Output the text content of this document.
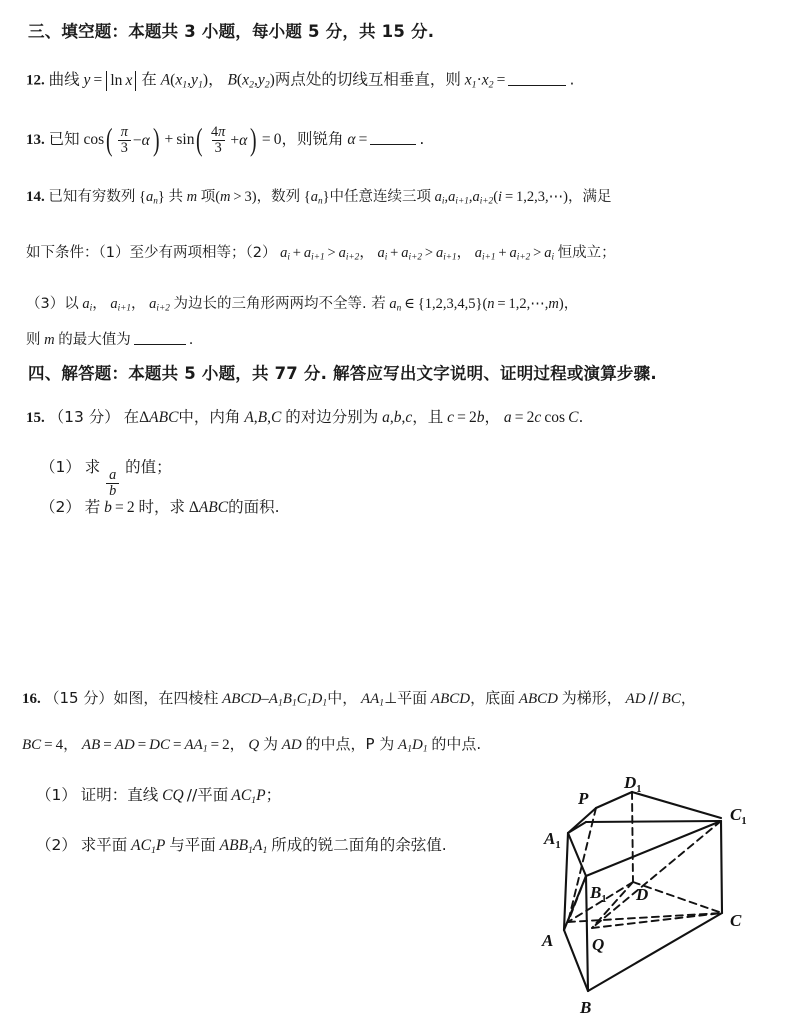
三、填空题：本题共 3 小题，每小题 5 分，共 15 分.
12. 曲线 y = ln  x 在 $A(x_1,y_1)$， $B(x_2,y_2)$两点处的切线互相垂直，则 $x_1\cdot x_2$ =	.
13. 已知 cos ( $\frac{\pi}{3} - \alpha$ )  + sin ( $\frac{4\pi}{3} + \alpha$ )  = 0，则锐角 α =	.
14. 已知有穷数列 $\{a_n\}$ 共 m 项(m > 3)，数列 $\{a_n\}$中任意连续三项 $a_i,a_{i+1},a_{i+2}(i$ = 1,2,3,⋯)，满足
如下条件：（1）至少有两项相等；（2） $a_i + a_{i+1} > a_{i+2}$， $a_i + a_{i+2} > a_{i+1}$， $a_{i+1} + a_{i+2} > a_i$ 恒成立；
（3）以 $a_i$， $a_{i+1}$， $a_{i+2}$ 为边长的三角形两两均不全等. 若 $a_n$ ∈ {1,2,3,4,5}(n = 1,2,⋯,m)，
则 m 的最大值为	.
四、解答题：本题共 5 小题，共 77 分. 解答应写出文字说明、证明过程或演算步骤.
15. （13 分） 在ΔABC中，内角 A,B,C 的对边分别为 a,b,c，且 c = 2b， a = 2c cos C.
（1） 求
$\frac{a}{b}$
的值；
（2） 若 b = 2 时，求 ΔABC的面积.
16. （15 分）如图，在四棱柱 ABCD–$A_1B_1C_1D_1$中， $AA_1\perp$平面 ABCD，底面 ABCD 为梯形， AD  //  BC，
BC = 4， AB = AD = DC = $AA_1 = 2$， Q 为 AD 的中点，P 为 $A_1D_1$ 的中点.
（1） 证明：直线 CQ  //平面  $AC_1P$；
（2） 求平面 $AC_1P$ 与平面 $ABB_1A_1$ 所成的锐二面角的余弦值.	$A_1$
P
$D_1$
$C_1$
$B_1$ D
C
A Q
B
